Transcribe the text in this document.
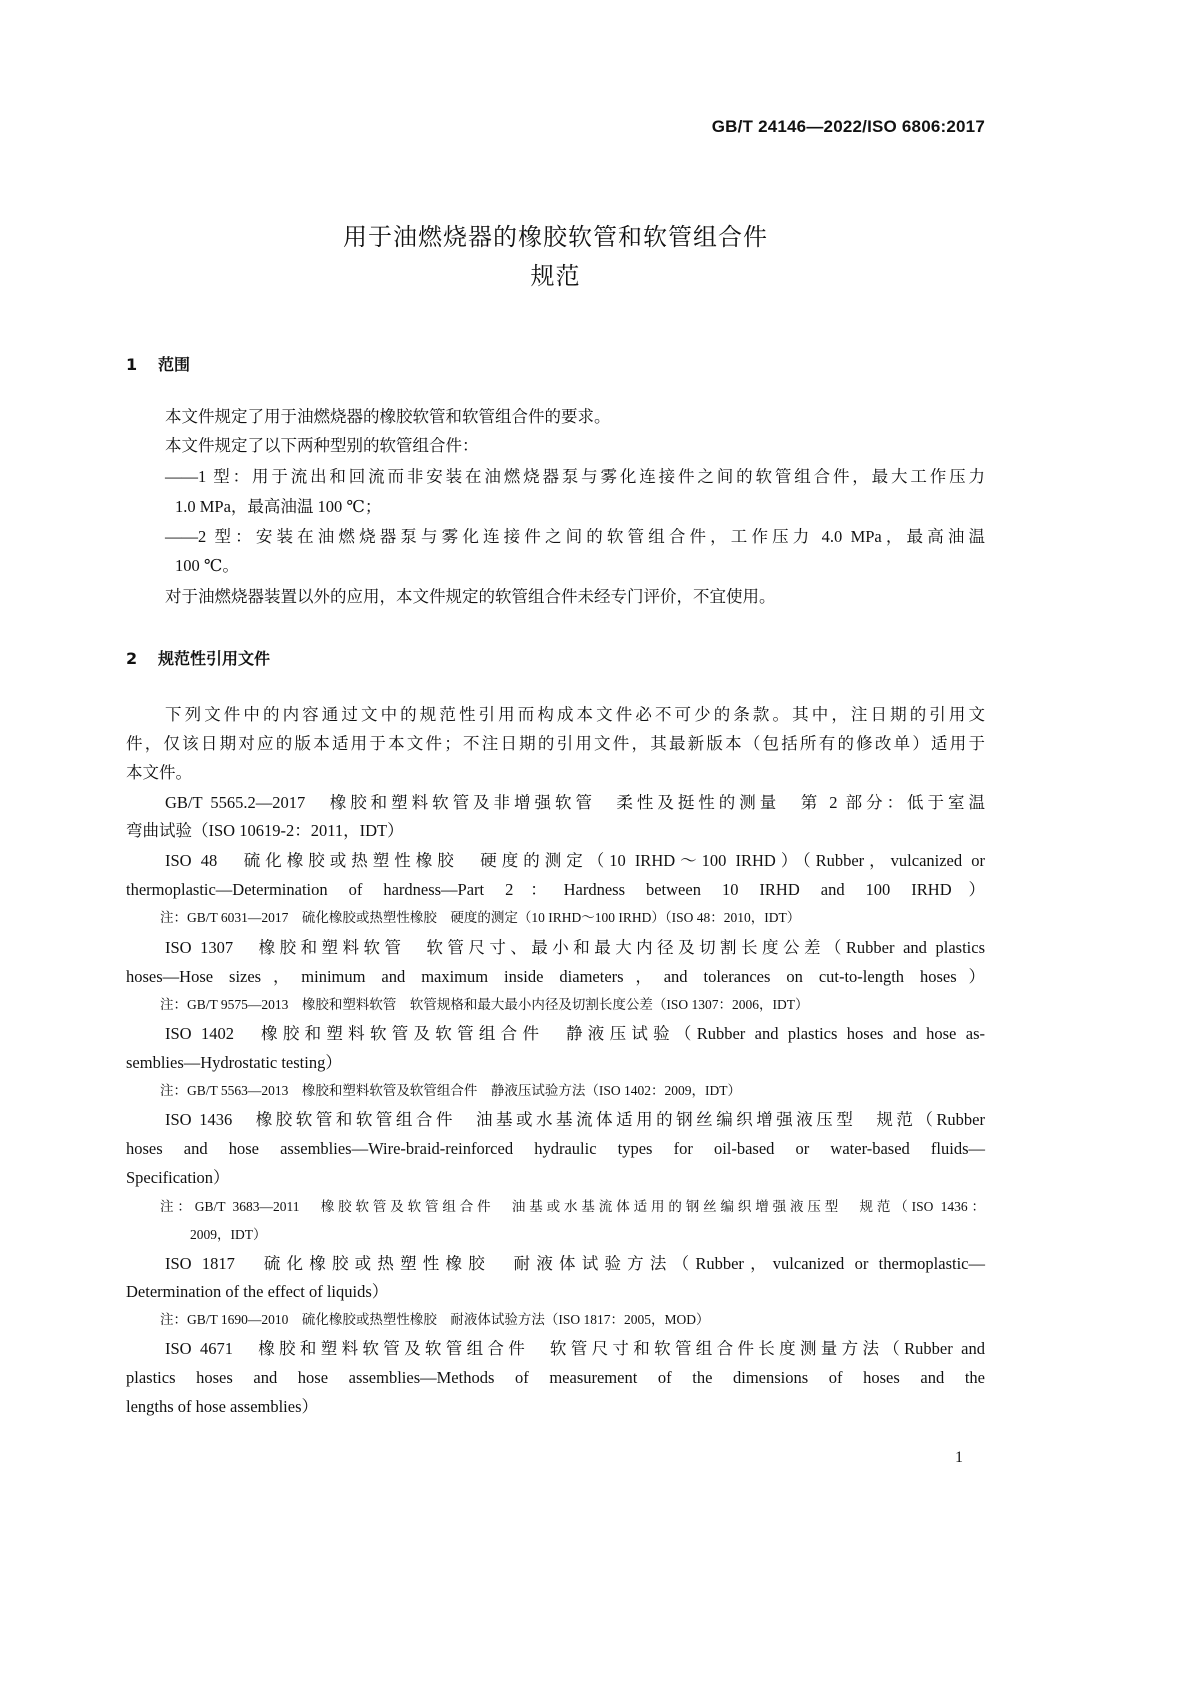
GB/T 24146—2022/ISO 6806:2017
用于油燃烧器的橡胶软管和软管组合件
规范
1 范围
2 规范性引用文件
本文件规定了用于油燃烧器的橡胶软管和软管组合件的要求。
本文件规定了以下两种型别的软管组合件：
——1 型：用于流出和回流而非安装在油燃烧器泵与雾化连接件之间的软管组合件，最大工作压力
1.0 MPa，最高油温 100 ℃；
——2 型：安装在油燃烧器泵与雾化连接件之间的软管组合件，工作压力 4.0 MPa，最高油温
100 ℃。
对于油燃烧器装置以外的应用，本文件规定的软管组合件未经专门评价，不宜使用。
下列文件中的内容通过文中的规范性引用而构成本文件必不可少的条款。其中，注日期的引用文
件，仅该日期对应的版本适用于本文件；不注日期的引用文件，其最新版本（包括所有的修改单）适用于
本文件。
GB/T 5565.2—2017　橡胶和塑料软管及非增强软管　柔性及挺性的测量　第 2 部分：低于室温
弯曲试验（ISO 10619-2：2011，IDT）
ISO 48　硫化橡胶或热塑性橡胶　硬度的测定（10 IRHD～100 IRHD）（Rubber，vulcanized or
thermoplastic—Determination of hardness—Part 2：Hardness between 10 IRHD and 100 IRHD）
注：GB/T 6031—2017　硫化橡胶或热塑性橡胶　硬度的测定（10 IRHD～100 IRHD）（ISO 48：2010，IDT）
ISO 1307　橡胶和塑料软管　软管尺寸、最小和最大内径及切割长度公差（Rubber and plastics
hoses—Hose sizes，minimum and maximum inside diameters，and tolerances on cut-to-length hoses）
注：GB/T 9575—2013　橡胶和塑料软管　软管规格和最大最小内径及切割长度公差（ISO 1307：2006，IDT）
ISO 1402　橡胶和塑料软管及软管组合件　静液压试验（Rubber and plastics hoses and hose as-
semblies—Hydrostatic testing）
注：GB/T 5563—2013　橡胶和塑料软管及软管组合件　静液压试验方法（ISO 1402：2009，IDT）
ISO 1436　橡胶软管和软管组合件　油基或水基流体适用的钢丝编织增强液压型　规范（Rubber
hoses and hose assemblies—Wire-braid-reinforced hydraulic types for oil-based or water-based fluids—
Specification）
注：GB/T 3683—2011　橡胶软管及软管组合件　油基或水基流体适用的钢丝编织增强液压型　规范（ISO 1436：
2009，IDT）
ISO 1817　硫化橡胶或热塑性橡胶　耐液体试验方法（Rubber，vulcanized or thermoplastic—
Determination of the effect of liquids）
注：GB/T 1690—2010　硫化橡胶或热塑性橡胶　耐液体试验方法（ISO 1817：2005，MOD）
ISO 4671　橡胶和塑料软管及软管组合件　软管尺寸和软管组合件长度测量方法（Rubber and
plastics hoses and hose assemblies—Methods of measurement of the dimensions of hoses and the
lengths of hose assemblies）
1
